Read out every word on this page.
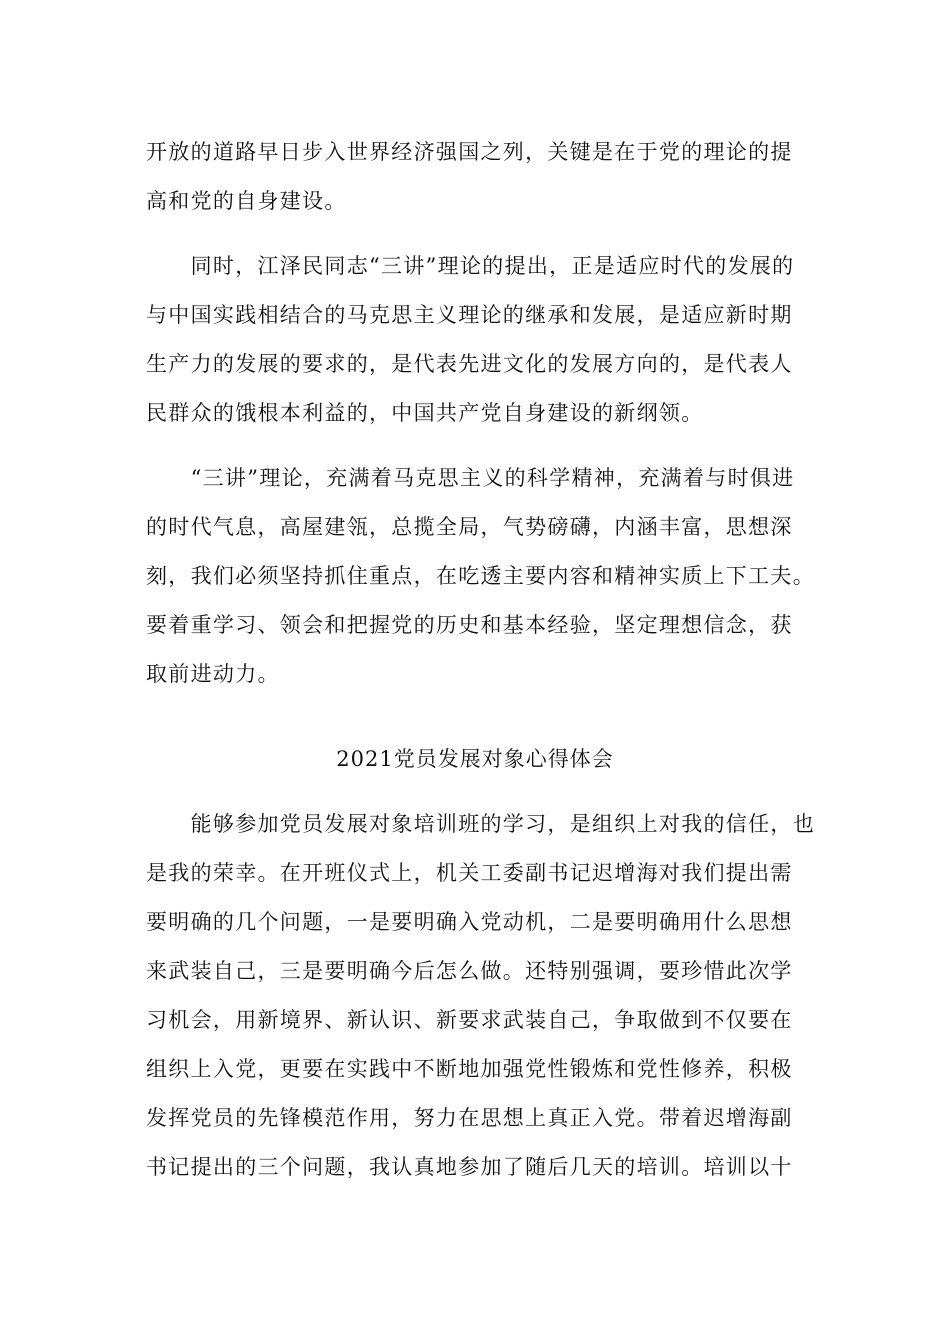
开放的道路早日步入世界经济强国之列，关键是在于党的理论的提
高和党的自身建设。
　　同时，江泽民同志“三讲”理论的提出，正是适应时代的发展的
与中国实践相结合的马克思主义理论的继承和发展，是适应新时期
生产力的发展的要求的，是代表先进文化的发展方向的，是代表人
民群众的饿根本利益的，中国共产党自身建设的新纲领。
　　“三讲”理论，充满着马克思主义的科学精神，充满着与时俱进
的时代气息，高屋建瓴，总揽全局，气势磅礴，内涵丰富，思想深
刻，我们必须坚持抓住重点，在吃透主要内容和精神实质上下工夫。
要着重学习、领会和把握党的历史和基本经验，坚定理想信念，获
取前进动力。
2021党员发展对象心得体会
　　能够参加党员发展对象培训班的学习，是组织上对我的信任，也
是我的荣幸。在开班仪式上，机关工委副书记迟增海对我们提出需
要明确的几个问题，一是要明确入党动机，二是要明确用什么思想
来武装自己，三是要明确今后怎么做。还特别强调，要珍惜此次学
习机会，用新境界、新认识、新要求武装自己，争取做到不仅要在
组织上入党，更要在实践中不断地加强党性锻炼和党性修养，积极
发挥党员的先锋模范作用，努力在思想上真正入党。带着迟增海副
书记提出的三个问题，我认真地参加了随后几天的培训。培训以十
